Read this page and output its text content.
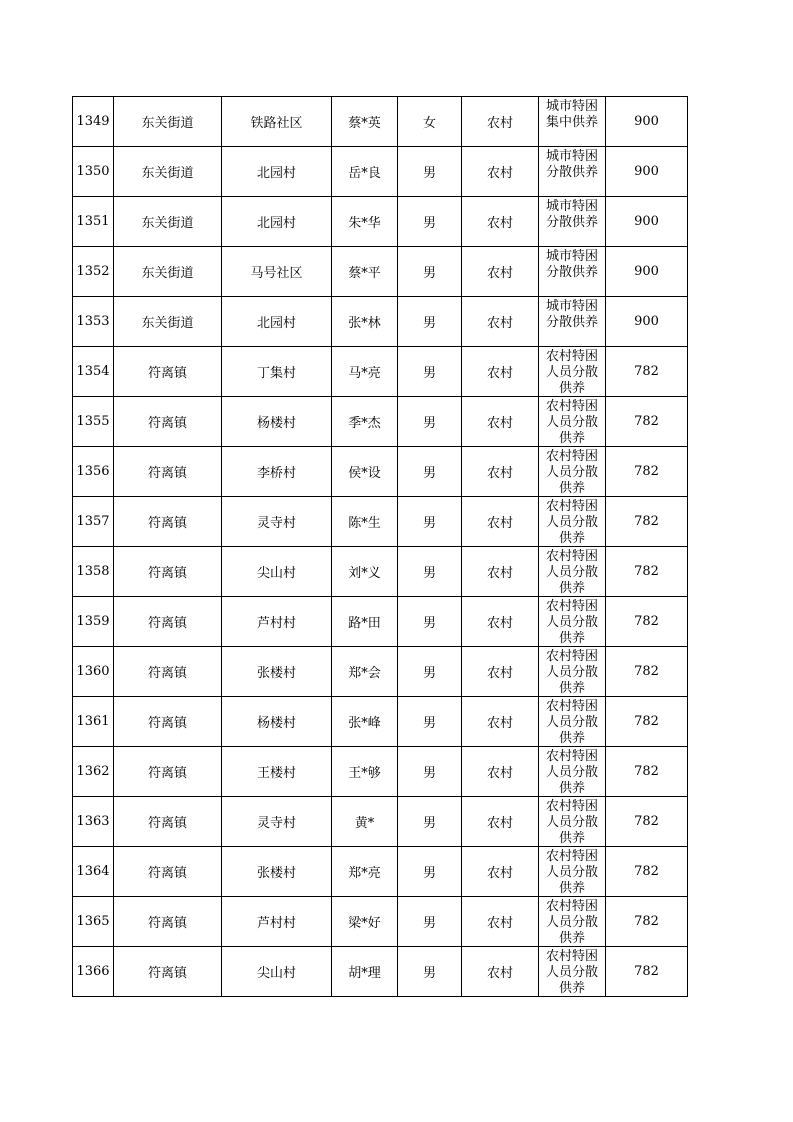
1349	东关街道	铁路社区	蔡*英	女	农村	城市特困集中供养	900
1350	东关街道	北园村	岳*良	男	农村	城市特困分散供养	900
1351	东关街道	北园村	朱*华	男	农村	城市特困分散供养	900
1352	东关街道	马号社区	蔡*平	男	农村	城市特困分散供养	900
1353	东关街道	北园村	张*林	男	农村	城市特困分散供养	900
1354	符离镇	丁集村	马*亮	男	农村	农村特困人员分散供养	782
1355	符离镇	杨楼村	季*杰	男	农村	农村特困人员分散供养	782
1356	符离镇	李桥村	侯*设	男	农村	农村特困人员分散供养	782
1357	符离镇	灵寺村	陈*生	男	农村	农村特困人员分散供养	782
1358	符离镇	尖山村	刘*义	男	农村	农村特困人员分散供养	782
1359	符离镇	芦村村	路*田	男	农村	农村特困人员分散供养	782
1360	符离镇	张楼村	郑*会	男	农村	农村特困人员分散供养	782
1361	符离镇	杨楼村	张*峰	男	农村	农村特困人员分散供养	782
1362	符离镇	王楼村	王*够	男	农村	农村特困人员分散供养	782
1363	符离镇	灵寺村	黄*	男	农村	农村特困人员分散供养	782
1364	符离镇	张楼村	郑*亮	男	农村	农村特困人员分散供养	782
1365	符离镇	芦村村	梁*好	男	农村	农村特困人员分散供养	782
1366	符离镇	尖山村	胡*理	男	农村	农村特困人员分散供养	782
